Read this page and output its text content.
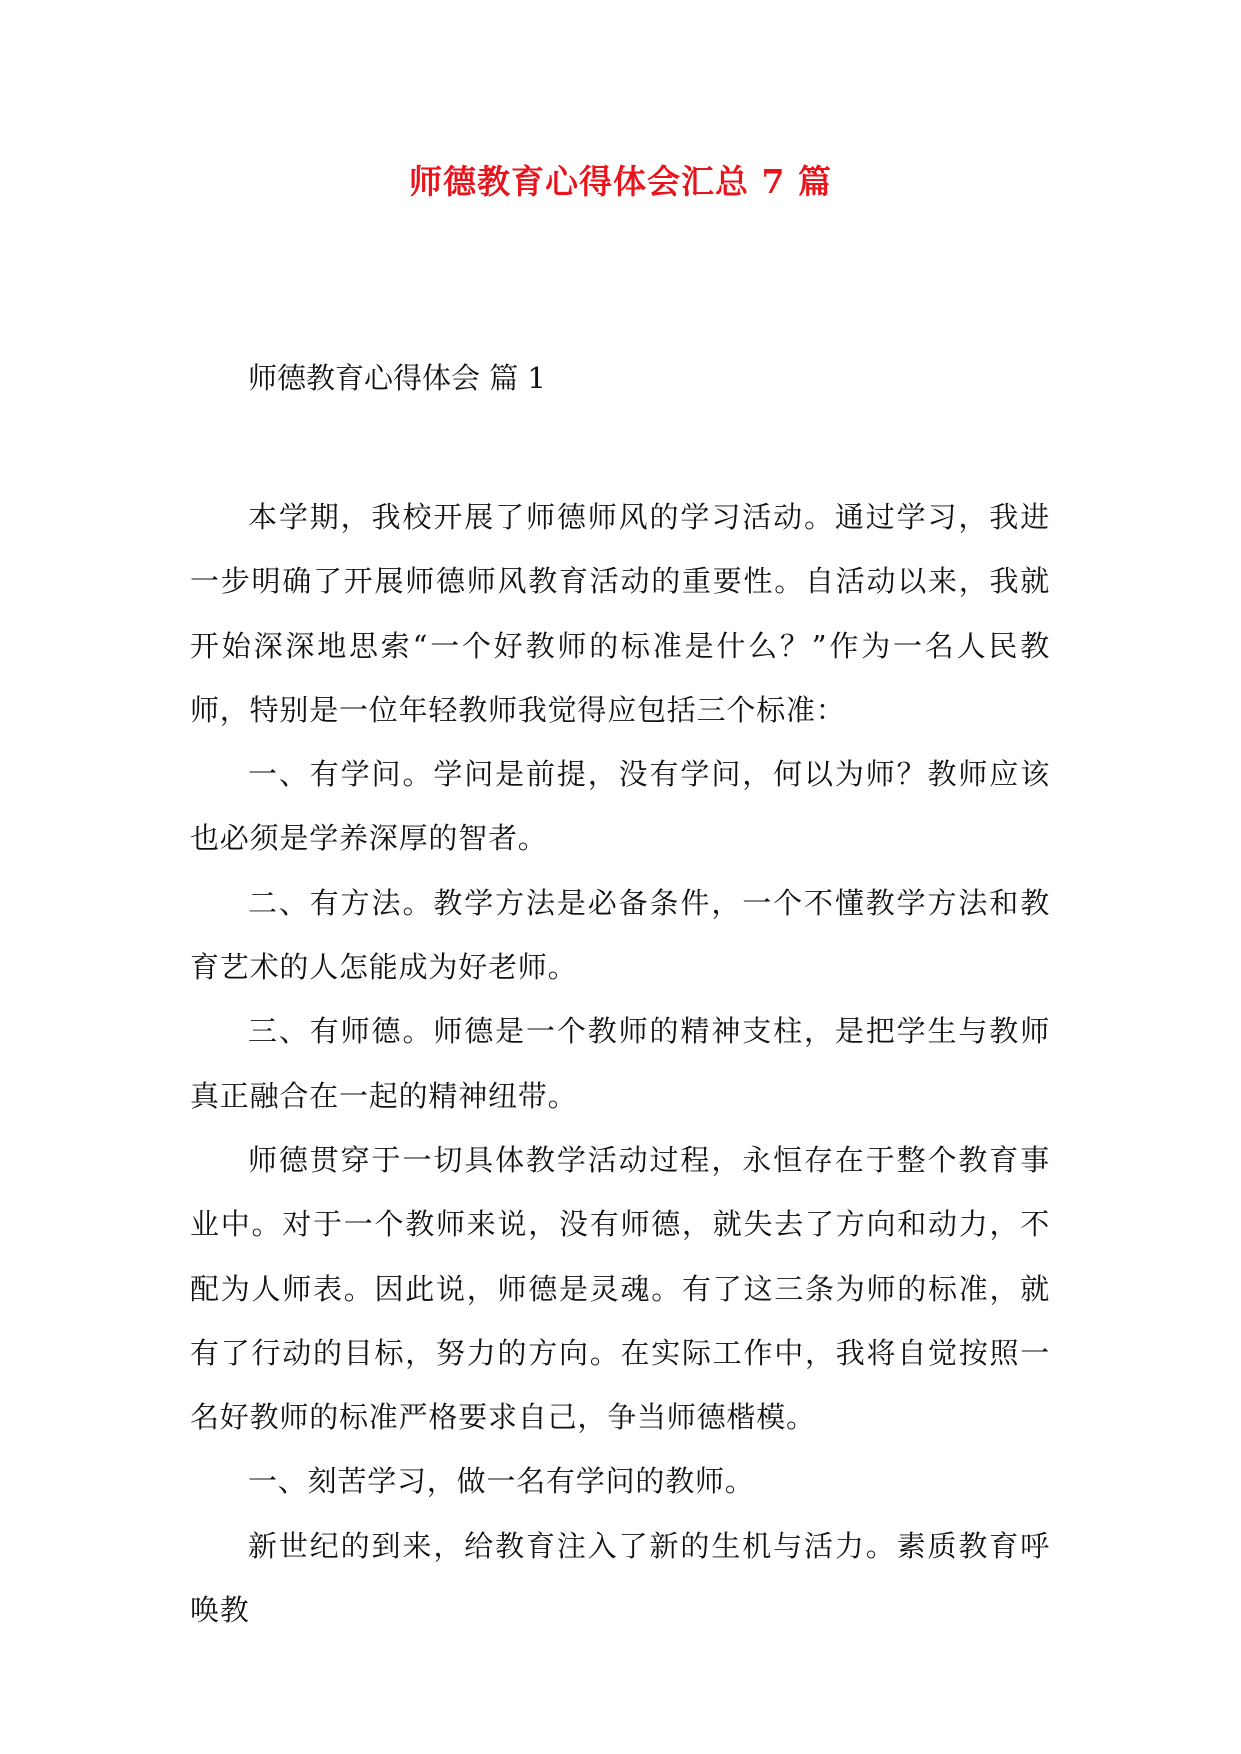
师德教育心得体会汇总 7 篇
师德教育心得体会 篇 1

本学期，我校开展了师德师风的学习活动。通过学习，我进一步明确了开展师德师风教育活动的重要性。自活动以来，我就开始深深地思索“一个好教师的标准是什么？”作为一名人民教师，特别是一位年轻教师我觉得应包括三个标准：

一、有学问。学问是前提，没有学问，何以为师？教师应该也必须是学养深厚的智者。

二、有方法。教学方法是必备条件，一个不懂教学方法和教育艺术的人怎能成为好老师。

三、有师德。师德是一个教师的精神支柱，是把学生与教师真正融合在一起的精神纽带。

师德贯穿于一切具体教学活动过程，永恒存在于整个教育事业中。对于一个教师来说，没有师德，就失去了方向和动力，不配为人师表。因此说，师德是灵魂。有了这三条为师的标准，就有了行动的目标，努力的方向。在实际工作中，我将自觉按照一名好教师的标准严格要求自己，争当师德楷模。

一、刻苦学习，做一名有学问的教师。

新世纪的到来，给教育注入了新的生机与活力。素质教育呼唤教
